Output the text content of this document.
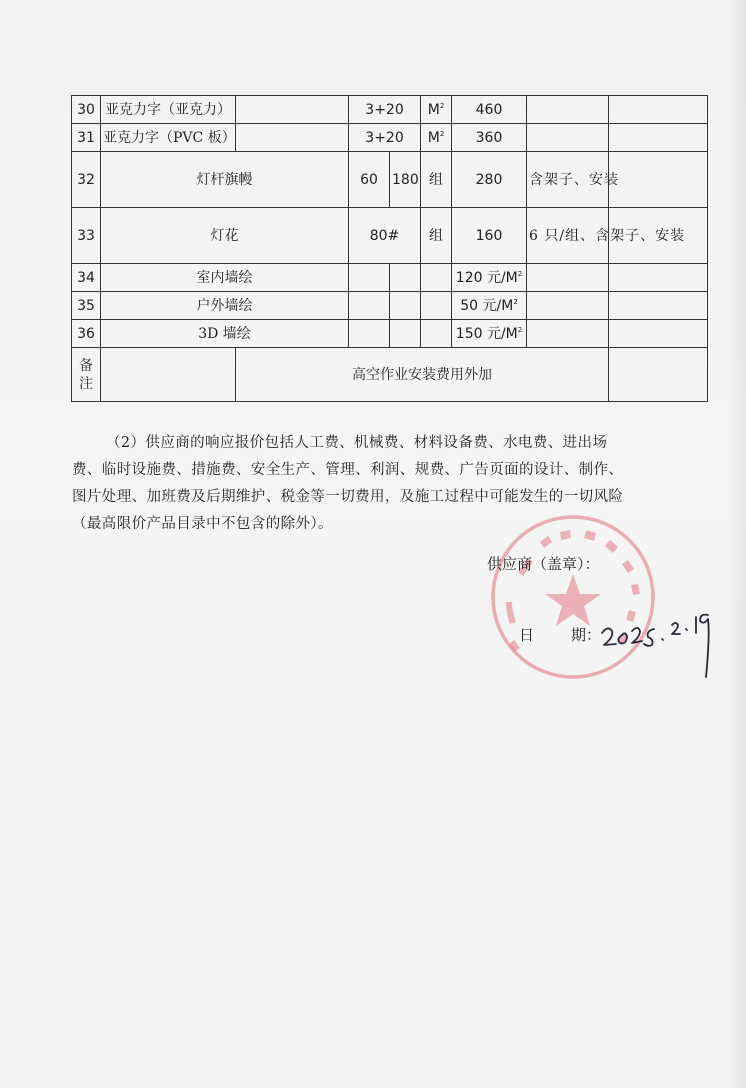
30	亚克力字（亚克力）		3+20		$M^2$	460		
31	亚克力字（PVC 板）		3+20		$M^2$	360		
32	灯杆旗幔		60	180	组	280	含架子、安装	
33	灯花		80#		组	160	6 只/组、含架子、安装	
34	室内墙绘					120 元$/M^2$		
35	户外墙绘					50 元$/M^2$		
36	3D 墙绘					150 元$/M^2$		

备
注		高空作业安装费用外加						
（2）供应商的响应报价包括人工费、机械费、材料设备费、水电费、进出场费、临时设施费、措施费、安全生产、管理、利润、规费、广告页面的设计、制作、图片处理、加班费及后期维护、税金等一切费用，及施工过程中可能发生的一切风险（最高限价产品目录中不包含的除外）。
供应商（盖章）：
日 期：
